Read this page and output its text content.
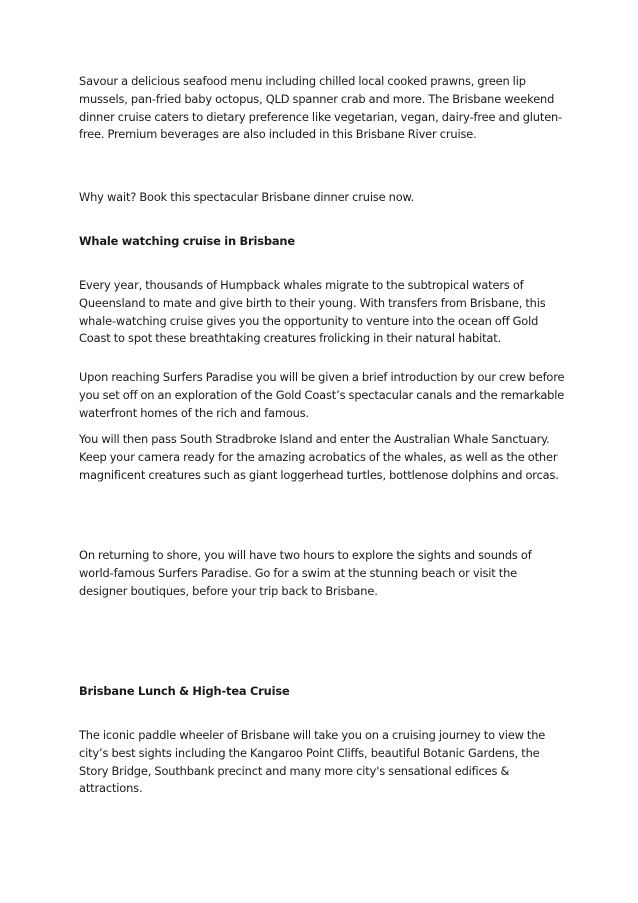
Savour a delicious seafood menu including chilled local cooked prawns, green lip mussels, pan-fried baby octopus, QLD spanner crab and more. The Brisbane weekend dinner cruise caters to dietary preference like vegetarian, vegan, dairy-free and gluten-free. Premium beverages are also included in this Brisbane River cruise.

Why wait? Book this spectacular Brisbane dinner cruise now.

Whale watching cruise in Brisbane

Every year, thousands of Humpback whales migrate to the subtropical waters of Queensland to mate and give birth to their young. With transfers from Brisbane, this whale-watching cruise gives you the opportunity to venture into the ocean off Gold Coast to spot these breathtaking creatures frolicking in their natural habitat.

Upon reaching Surfers Paradise you will be given a brief introduction by our crew before you set off on an exploration of the Gold Coast’s spectacular canals and the remarkable waterfront homes of the rich and famous.

You will then pass South Stradbroke Island and enter the Australian Whale Sanctuary. Keep your camera ready for the amazing acrobatics of the whales, as well as the other magnificent creatures such as giant loggerhead turtles, bottlenose dolphins and orcas.

On returning to shore, you will have two hours to explore the sights and sounds of world-famous Surfers Paradise. Go for a swim at the stunning beach or visit the designer boutiques, before your trip back to Brisbane.

Brisbane Lunch & High-tea Cruise

The iconic paddle wheeler of Brisbane will take you on a cruising journey to view the city’s best sights including the Kangaroo Point Cliffs, beautiful Botanic Gardens, the Story Bridge, Southbank precinct and many more city's sensational edifices & attractions.
